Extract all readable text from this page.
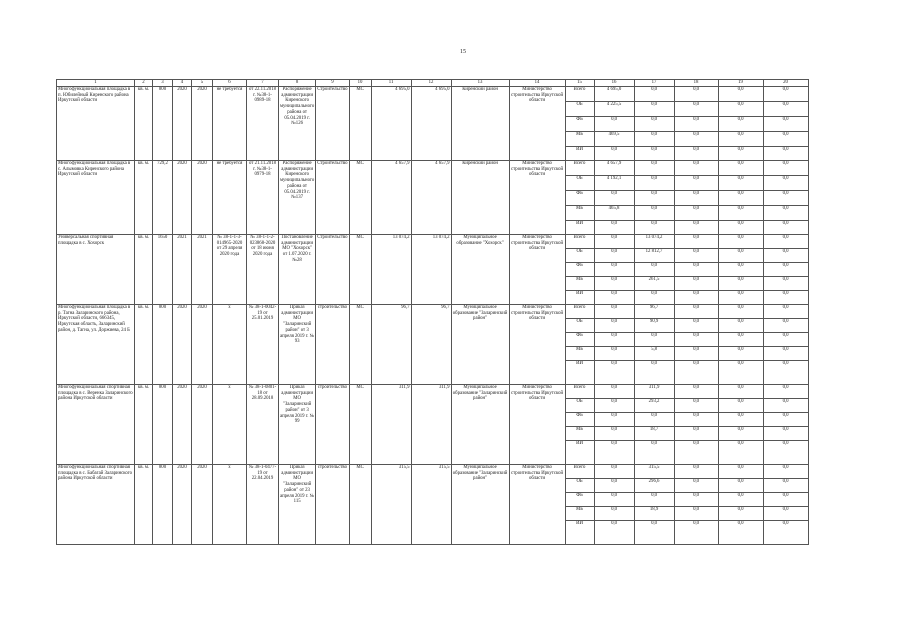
15
1	2	3	4	5	6	7	8	9	10	11	12	13	14	15	16	17	18	19	20
Многофункциональная площадка в п. Юбилейный Киренского района Иркутской области	кв. м.	800	2020	2020	не требуется	от 22.11.2018 г. №38-1-0989-18	Распоряжение администрации Киренского муниципального района от 05.04.2019 г. №126	Строительство	МС	4 695,0	4 695,0	Киренский район	Министерство строительства Иркутской области	Всего	4 695,0	0,0	0,0	0,0	0,0
														ОБ	4 225,5	0,0	0,0	0,0	0,0
														ФБ	0,0	0,0	0,0	0,0	0,0
														МБ	469,5	0,0	0,0	0,0	0,0
														ИИ	0,0	0,0	0,0	0,0	0,0
Многофункциональная площадка в с. Алымовка Киренского района Иркутской области	кв. м.	729,2	2020	2020	не требуется	от 21.11.2018 г. №38-1-0979-18	Распоряжение администрации Киренского муниципального района от 05.04.2019 г. №137	Строительство	МС	4 657,9	4 657,9	Киренский район	Министерство строительства Иркутской области	Всего	4 657,9	0,0	0,0	0,0	0,0
														ОБ	4 192,1	0,0	0,0	0,0	0,0
														ФБ	0,0	0,0	0,0	0,0	0,0
														МБ	465,8	0,0	0,0	0,0	0,0
														ИИ	0,0	0,0	0,0	0,0	0,0
Универсальная спортивная площадка в с. Хохорск	кв. м.	1650	2021	2021	№ 38-1-1-3-014965-2020 от 29 апреля 2020 года	№ 38-1-1-2-023868-2020 от 18 июня 2020 года	Постановление администрации МО "Хохорск" от 1.07.2020 г. №28	Строительство	МС	13 074,2	13 074,2	Муниципальное образование "Хохорск"	Министерство строительства Иркутской области	Всего	0,0	13 074,2	0,0	0,0	0,0
														ОБ	0,0	12 812,7	0,0	0,0	0,0
														ФБ	0,0	0,0	0,0	0,0	0,0
														МБ	0,0	261,5	0,0	0,0	0,0
														ИИ	0,0	0,0	0,0	0,0	0,0
Многофункциональная площадка в р. Тагна Заларинского района, Иркутской области, 666345, Иркутская область, Заларинский район, д. Тагна, ул. Доржиева, 24 Б	кв. м.	800	2020	2020	х	№ 38-1-0042-19 от 25.01.2019	Приказ администрации МО "Заларинский район" от 3 апреля 2019 г. № 93	строительство	МС	96,7	96,7	Муниципальное образование "Заларинский район"	Министерство строительства Иркутской области	Всего	0,0	96,7	0,0	0,0	0,0
														ОБ	0,0	90,9	0,0	0,0	0,0
														ФБ	0,0	0,0	0,0	0,0	0,0
														МБ	0,0	5,8	0,0	0,0	0,0
														ИИ	0,0	0,0	0,0	0,0	0,0
Многофункциональная спортивная площадка в с. Веренка Заларинского района Иркутской области	кв. м.	800	2020	2020	х	№ 38-1-0801-18 от 28.09.2018	Приказ администрации МО "Заларинский район" от 3 апреля 2019 г. № 99	строительство	МС	311,9	311,9	Муниципальное образование "Заларинский район"	Министерство строительства Иркутской области	Всего	0,0	311,9	0,0	0,0	0,0
														ОБ	0,0	293,2	0,0	0,0	0,0
														ФБ	0,0	0,0	0,0	0,0	0,0
														МБ	0,0	18,7	0,0	0,0	0,0
														ИИ	0,0	0,0	0,0	0,0	0,0
Многофункциональная спортивная площадка в с. Бабагай Заларинского района Иркутской области	кв. м.	800	2020	2020	х	№ 38-1-0477-19 от 22.04.2019	Приказ администрации МО "Заларинский район" от 23 апреля 2019 г. № 115	строительство	МС	315,5	315,5	Муниципальное образование "Заларинский район"	Министерство строительства Иркутской области	Всего	0,0	315,5	0,0	0,0	0,0
														ОБ	0,0	296,6	0,0	0,0	0,0
														ФБ	0,0	0,0	0,0	0,0	0,0
														МБ	0,0	18,9	0,0	0,0	0,0
														ИИ	0,0	0,0	0,0	0,0	0,0
